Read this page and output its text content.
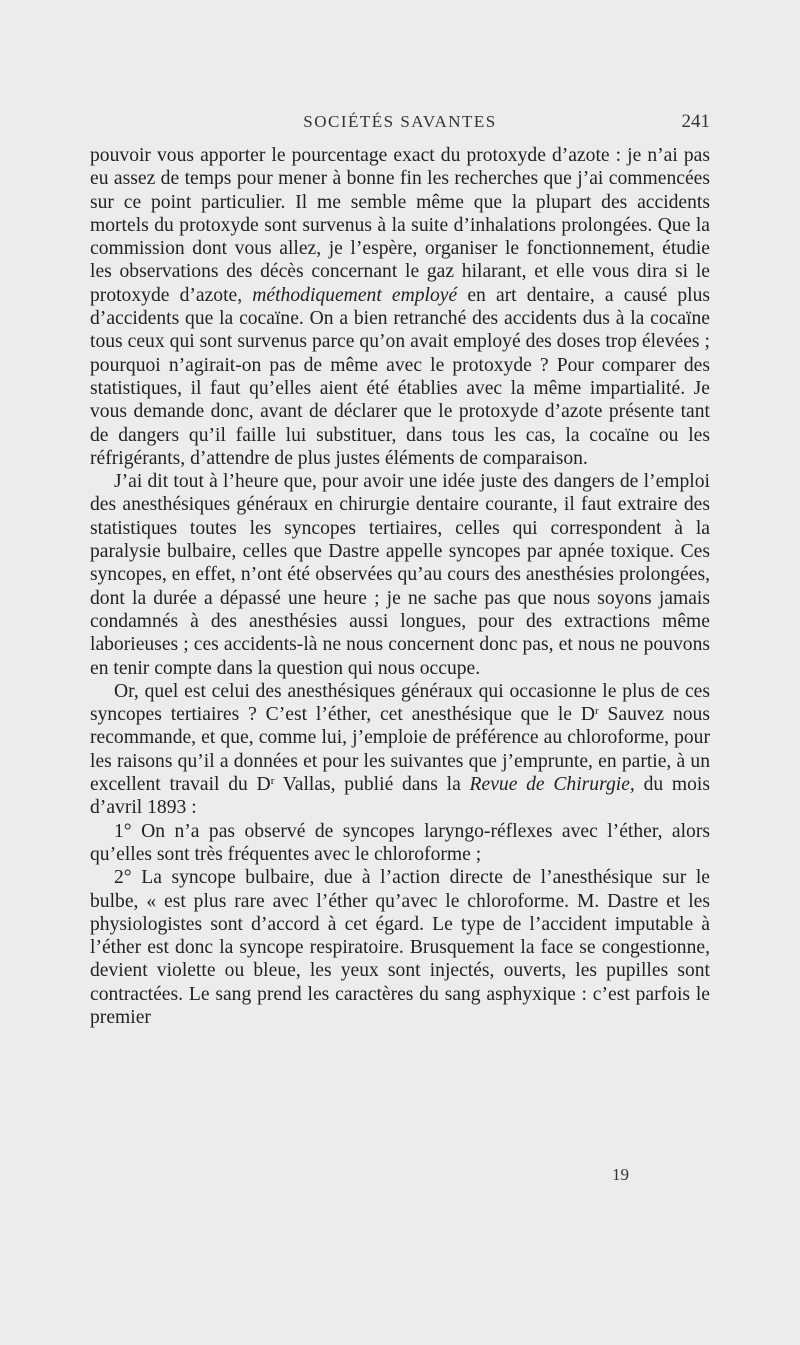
SOCIÉTÉS SAVANTES	241

pouvoir vous apporter le pourcentage exact du protoxyde d’azote : je n’ai pas eu assez de temps pour mener à bonne fin les recherches que j’ai commencées sur ce point particulier. Il me semble même que la plupart des accidents mortels du protoxyde sont survenus à la suite d’inhalations prolongées. Que la commission dont vous allez, je l’espère, organiser le fonctionnement, étudie les observations des décès concernant le gaz hilarant, et elle vous dira si le protoxyde d’azote, méthodiquement employé en art dentaire, a causé plus d’accidents que la cocaïne. On a bien retranché des accidents dus à la cocaïne tous ceux qui sont survenus parce qu’on avait employé des doses trop élevées ; pourquoi n’agirait-on pas de même avec le protoxyde ? Pour comparer des statistiques, il faut qu’elles aient été établies avec la même impartialité. Je vous demande donc, avant de déclarer que le protoxyde d’azote présente tant de dangers qu’il faille lui substituer, dans tous les cas, la cocaïne ou les réfrigérants, d’attendre de plus justes éléments de comparaison.

J’ai dit tout à l’heure que, pour avoir une idée juste des dangers de l’emploi des anesthésiques généraux en chirurgie dentaire courante, il faut extraire des statistiques toutes les syncopes tertiaires, celles qui correspondent à la paralysie bulbaire, celles que Dastre appelle syncopes par apnée toxique. Ces syncopes, en effet, n’ont été observées qu’au cours des anesthésies prolongées, dont la durée a dépassé une heure ; je ne sache pas que nous soyons jamais condamnés à des anesthésies aussi longues, pour des extractions même laborieuses ; ces accidents-là ne nous concernent donc pas, et nous ne pouvons en tenir compte dans la question qui nous occupe.

Or, quel est celui des anesthésiques généraux qui occasionne le plus de ces syncopes tertiaires ? C’est l’éther, cet anesthésique que le $D^r$ Sauvez nous recommande, et que, comme lui, j’emploie de préférence au chloroforme, pour les raisons qu’il a données et pour les suivantes que j’emprunte, en partie, à un excellent travail du $D^r$ Vallas, publié dans la Revue de Chirurgie, du mois d’avril 1893 :

1° On n’a pas observé de syncopes laryngo-réflexes avec l’éther, alors qu’elles sont très fréquentes avec le chloroforme ;

2° La syncope bulbaire, due à l’action directe de l’anesthésique sur le bulbe, « est plus rare avec l’éther qu’avec le chloroforme. M. Dastre et les physiologistes sont d’accord à cet égard. Le type de l’accident imputable à l’éther est donc la syncope respiratoire. Brusquement la face se congestionne, devient violette ou bleue, les yeux sont injectés, ouverts, les pupilles sont contractées. Le sang prend les caractères du sang asphyxique : c’est parfois le premier

19
